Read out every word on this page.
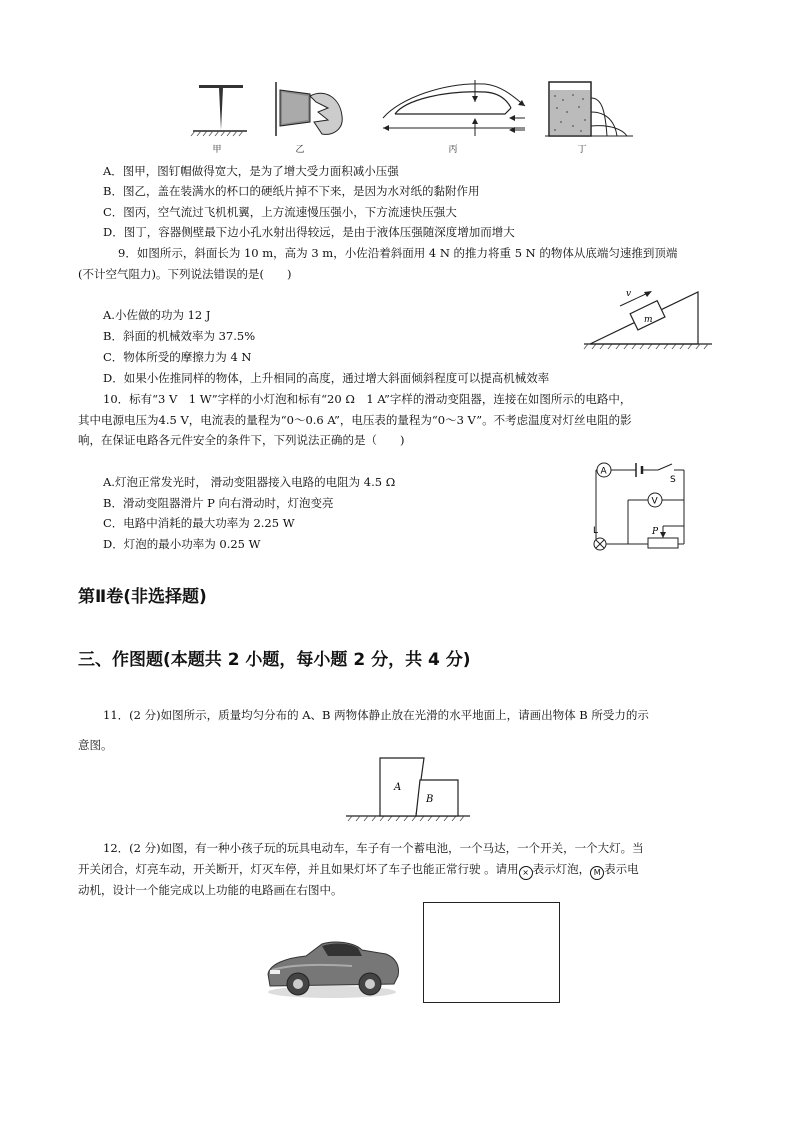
甲	乙	丙	丁
A．图甲，图钉帽做得宽大，是为了增大受力面积减小压强
B．图乙，盖在装满水的杯口的硬纸片掉不下来，是因为水对纸的黏附作用
C．图丙，空气流过飞机机翼，上方流速慢压强小，下方流速快压强大
D．图丁，容器侧壁最下边小孔水射出得较远，是由于液体压强随深度增加而增大
9．如图所示，斜面长为 10 m，高为 3 m，小佐沿着斜面用 4 N 的推力将重 5 N 的物体从底端匀速推到顶端
(不计空气阻力)。下列说法错误的是(　　)
v
m
A.小佐做的功为 12 J
B．斜面的机械效率为 37.5%
C．物体所受的摩擦力为 4 N
D．如果小佐推同样的物体，上升相同的高度，通过增大斜面倾斜程度可以提高机械效率
10．标有“3 V　1 W”字样的小灯泡和标有“20 Ω　1 A”字样的滑动变阻器，连接在如图所示的电路中，
其中电源电压为4.5 V，电流表的量程为“0～0.6 A”，电压表的量程为“0～3 V”。不考虑温度对灯丝电阻的影
响，在保证电路各元件安全的条件下，下列说法正确的是（　　)
A
S
V
P
L
A.灯泡正常发光时， 滑动变阻器接入电路的电阻为 4.5 Ω
B．滑动变阻器滑片 P 向右滑动时，灯泡变亮
C．电路中消耗的最大功率为 2.25 W
D．灯泡的最小功率为 0.25 W
第Ⅱ卷(非选择题)
三、作图题(本题共 2 小题，每小题 2 分，共 4 分)
11．(2 分)如图所示，质量均匀分布的 A、B 两物体静止放在光滑的水平地面上，请画出物体 B 所受力的示
意图。
A
B
12．(2 分)如图，有一种小孩子玩的玩具电动车，车子有一个蓄电池，一个马达，一个开关，一个大灯。当
开关闭合，灯亮车动，开关断开，灯灭车停，并且如果灯坏了车子也能正常行驶 。请用 × 表示灯泡， M 表示电
动机，设计一个能完成以上功能的电路画在右图中。
